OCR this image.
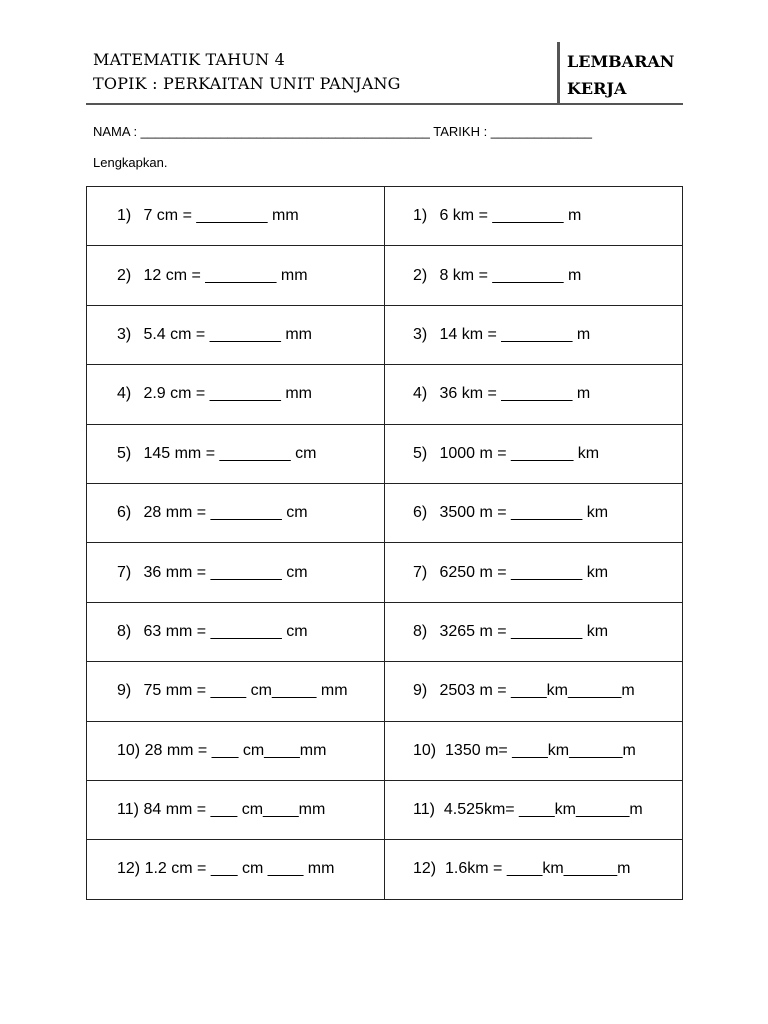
MATEMATIK TAHUN 4
TOPIK : PERKAITAN UNIT PANJANG
LEMBARAN
KERJA
NAMA : ________________________________________ TARIKH : ______________
Lengkapkan.
1) 7 cm = ________ mm	1) 6 km = ________ m
2) 12 cm = ________ mm	2) 8 km = ________ m
3) 5.4 cm = ________ mm	3) 14 km = ________ m
4) 2.9 cm = ________ mm	4) 36 km = ________ m
5) 145 mm = ________ cm	5) 1000 m = _______ km
6) 28 mm = ________ cm	6) 3500 m = ________ km
7) 36 mm = ________ cm	7) 6250 m = ________ km
8) 63 mm = ________ cm	8) 3265 m = ________ km
9) 75 mm = ____ cm_____ mm	9) 2503 m = ____km______m
10) 28 mm = ___ cm____mm	10)  1350 m= ____km______m
11) 84 mm = ___ cm____mm	11)  4.525km= ____km______m
12) 1.2 cm = ___ cm ____ mm	12)  1.6km = ____km______m
